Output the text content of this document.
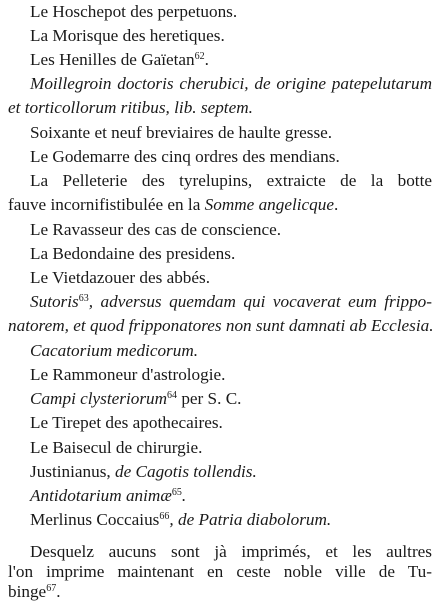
Le Hoschepot des perpetuons.
La Morisque des heretiques.
Les Henilles de Gaïetan$^{62}$.
Moillegroin doctoris cherubici, de origine patepelutarum
et torticollorum ritibus, lib. septem.
Soixante et neuf breviaires de haulte gresse.
Le Godemarre des cinq ordres des mendians.
La Pelleterie des tyrelupins, extraicte de la botte
fauve incornifistibulée en la Somme angelicque.
Le Ravasseur des cas de conscience.
La Bedondaine des presidens.
Le Vietdazouer des abbés.
Sutoris$^{63}$, adversus quemdam qui vocaverat eum frippo-
natorem, et quod fripponatores non sunt damnati ab Ecclesia.
Cacatorium medicorum.
Le Rammoneur d'astrologie.
Campi clysteriorum$^{64}$ per S. C.
Le Tirepet des apothecaires.
Le Baisecul de chirurgie.
Justinianus, de Cagotis tollendis.
Antidotarium animæ$^{65}$.
Merlinus Coccaius$^{66}$, de Patria diabolorum.
Desquelz aucuns sont jà imprimés, et les aultres
l'on imprime maintenant en ceste noble ville de Tu-
binge$^{67}$.
